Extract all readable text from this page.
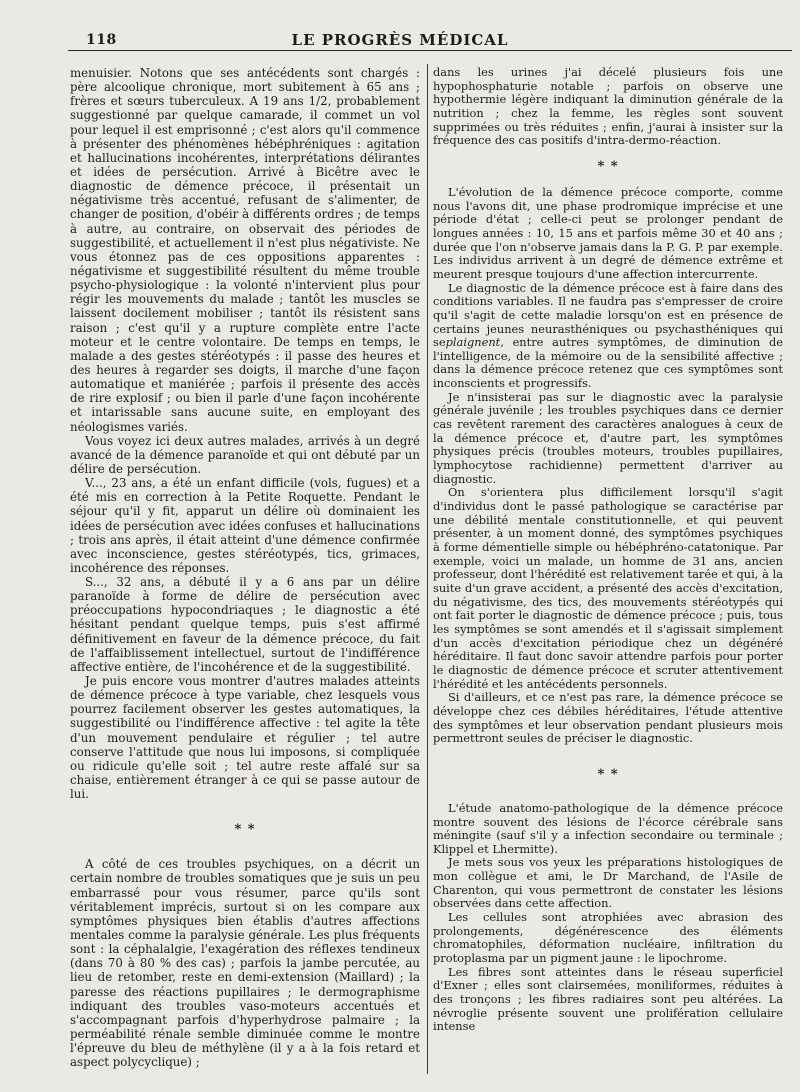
118	LE PROGRÈS MÉDICAL

menuisier. Notons que ses antécédents sont chargés : père alcoolique chronique, mort subitement à 65 ans ; frères et sœurs tuberculeux. A 19 ans 1/2, probablement suggestionné par quelque camarade, il commet un vol pour lequel il est emprisonné ; c'est alors qu'il commence à présenter des phénomènes hébéphréniques : agitation et hallucinations incohérentes, interprétations délirantes et idées de persécution. Arrivé à Bicêtre avec le diagnostic de démence précoce, il présentait un négativisme très accentué, refusant de s'alimenter, de changer de position, d'obéir à différents ordres ; de temps à autre, au contraire, on observait des périodes de suggestibilité, et actuellement il n'est plus négativiste. Ne vous étonnez pas de ces oppositions apparentes : négativisme et suggestibilité résultent du même trouble psycho-physiologique : la volonté n'intervient plus pour régir les mouvements du malade ; tantôt les muscles se laissent docilement mobiliser ; tantôt ils résistent sans raison ; c'est qu'il y a rupture complète entre l'acte moteur et le centre volontaire. De temps en temps, le malade a des gestes stéréotypés : il passe des heures et des heures à regarder ses doigts, il marche d'une façon automatique et maniérée ; parfois il présente des accès de rire explosif ; ou bien il parle d'une façon incohérente et intarissable sans aucune suite, en employant des néologismes variés.

Vous voyez ici deux autres malades, arrivés à un degré avancé de la démence paranoïde et qui ont débuté par un délire de persécution.

V..., 23 ans, a été un enfant difficile (vols, fugues) et a été mis en correction à la Petite Roquette. Pendant le séjour qu'il y fit, apparut un délire où dominaient les idées de persécution avec idées confuses et hallucinations ; trois ans après, il était atteint d'une démence confirmée avec inconscience, gestes stéréotypés, tics, grimaces, incohérence des réponses.

S..., 32 ans, a débuté il y a 6 ans par un délire paranoïde à forme de délire de persécution avec préoccupations hypocondriaques ; le diagnostic a été hésitant pendant quelque temps, puis s'est affirmé définitivement en faveur de la démence précoce, du fait de l'affaiblissement intellectuel, surtout de l'indifférence affective entière, de l'incohérence et de la suggestibilité.

Je puis encore vous montrer d'autres malades atteints de démence précoce à type variable, chez lesquels vous pourrez facilement observer les gestes automatiques, la suggestibilité ou l'indifférence affective : tel agite la tête d'un mouvement pendulaire et régulier ; tel autre conserve l'attitude que nous lui imposons, si compliquée ou ridicule qu'elle soit ; tel autre reste affalé sur sa chaise, entièrement étranger à ce qui se passe autour de lui.

* *

A côté de ces troubles psychiques, on a décrit un certain nombre de troubles somatiques que je suis un peu embarrassé pour vous résumer, parce qu'ils sont véritablement imprécis, surtout si on les compare aux symptômes physiques bien établis d'autres affections mentales comme la paralysie générale. Les plus fréquents sont : la céphalalgie, l'exagération des réflexes tendineux (dans 70 à 80 % des cas) ; parfois la jambe percutée, au lieu de retomber, reste en demi-extension (Maillard) ; la paresse des réactions pupillaires ; le dermographisme indiquant des troubles vaso-moteurs accentués et s'accompagnant parfois d'hyperhydrose palmaire ; la perméabilité rénale semble diminuée comme le montre l'épreuve du bleu de méthylène (il y a à la fois retard et aspect polycyclique) ;

dans les urines j'ai décelé plusieurs fois une hypophosphaturie notable ; parfois on observe une hypothermie légère indiquant la diminution générale de la nutrition ; chez la femme, les règles sont souvent supprimées ou très réduites ; enfin, j'aurai à insister sur la fréquence des cas positifs d'intra-dermo-réaction.

* *

L'évolution de la démence précoce comporte, comme nous l'avons dit, une phase prodromique imprécise et une période d'état ; celle-ci peut se prolonger pendant de longues années : 10, 15 ans et parfois même 30 et 40 ans ; durée que l'on n'observe jamais dans la P. G. P. par exemple. Les individus arrivent à un degré de démence extrême et meurent presque toujours d'une affection intercurrente.

Le diagnostic de la démence précoce est à faire dans des conditions variables. Il ne faudra pas s'empresser de croire qu'il s'agit de cette maladie lorsqu'on est en présence de certains jeunes neurasthéniques ou psychasthéniques qui seplaignent, entre autres symptômes, de diminution de l'intelligence, de la mémoire ou de la sensibilité affective ; dans la démence précoce retenez que ces symptômes sont inconscients et progressifs.

Je n'insisterai pas sur le diagnostic avec la paralysie générale juvénile ; les troubles psychiques dans ce dernier cas revêtent rarement des caractères analogues à ceux de la démence précoce et, d'autre part, les symptômes physiques précis (troubles moteurs, troubles pupillaires, lymphocytose rachidienne) permettent d'arriver au diagnostic.

On s'orientera plus difficilement lorsqu'il s'agit d'individus dont le passé pathologique se caractérise par une débilité mentale constitutionnelle, et qui peuvent présenter, à un moment donné, des symptômes psychiques à forme démentielle simple ou hébéphréno-catatonique. Par exemple, voici un malade, un homme de 31 ans, ancien professeur, dont l'hérédité est relativement tarée et qui, à la suite d'un grave accident, a présenté des accès d'excitation, du négativisme, des tics, des mouvements stéréotypés qui ont fait porter le diagnostic de démence précoce ; puis, tous les symptômes se sont amendés et il s'agissait simplement d'un accès d'excitation périodique chez un dégénéré héréditaire. Il faut donc savoir attendre parfois pour porter le diagnostic de démence précoce et scruter attentivement l'hérédité et les antécédents personnels.

Si d'ailleurs, et ce n'est pas rare, la démence précoce se développe chez ces débiles héréditaires, l'étude attentive des symptômes et leur observation pendant plusieurs mois permettront seules de préciser le diagnostic.

* *

L'étude anatomo-pathologique de la démence précoce montre souvent des lésions de l'écorce cérébrale sans méningite (sauf s'il y a infection secondaire ou terminale ; Klippel et Lhermitte).

Je mets sous vos yeux les préparations histologiques de mon collègue et ami, le Dr Marchand, de l'Asile de Charenton, qui vous permettront de constater les lésions observées dans cette affection.

Les cellules sont atrophiées avec abrasion des prolongements, dégénérescence des éléments chromatophiles, déformation nucléaire, infiltration du protoplasma par un pigment jaune : le lipochrome.

Les fibres sont atteintes dans le réseau superficiel d'Exner ; elles sont clairsemées, moniliformes, réduites à des tronçons ; les fibres radiaires sont peu altérées. La névroglie présente souvent une prolifération cellulaire intense
